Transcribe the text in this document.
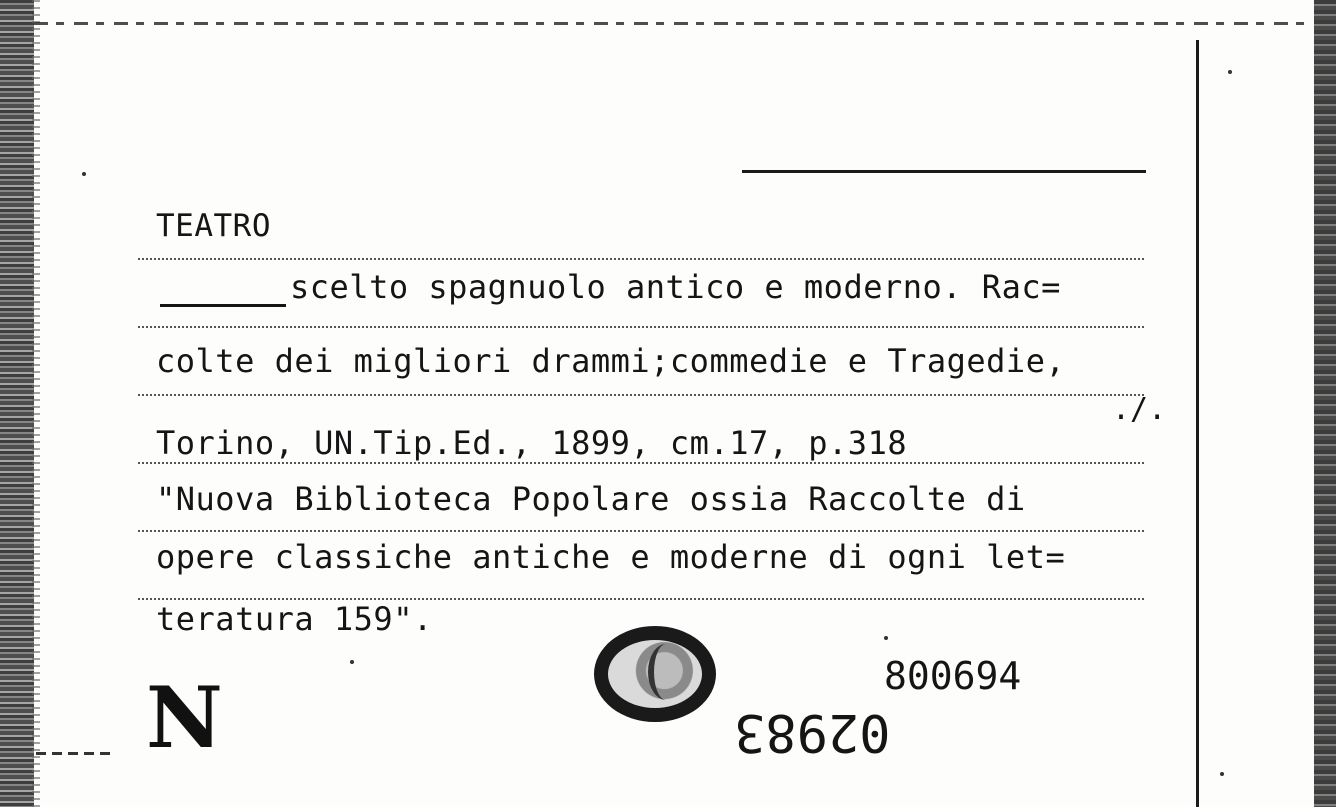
TEATRO
scelto spagnuolo antico e moderno. Rac=
colte dei migliori drammi;commedie e Tragedie,
./.
Torino, UN.Tip.Ed., 1899, cm.17, p.318
"Nuova Biblioteca Popolare ossia Raccolte di
opere classiche antiche e moderne di ogni let=
teratura 159".
N	800694
02983
